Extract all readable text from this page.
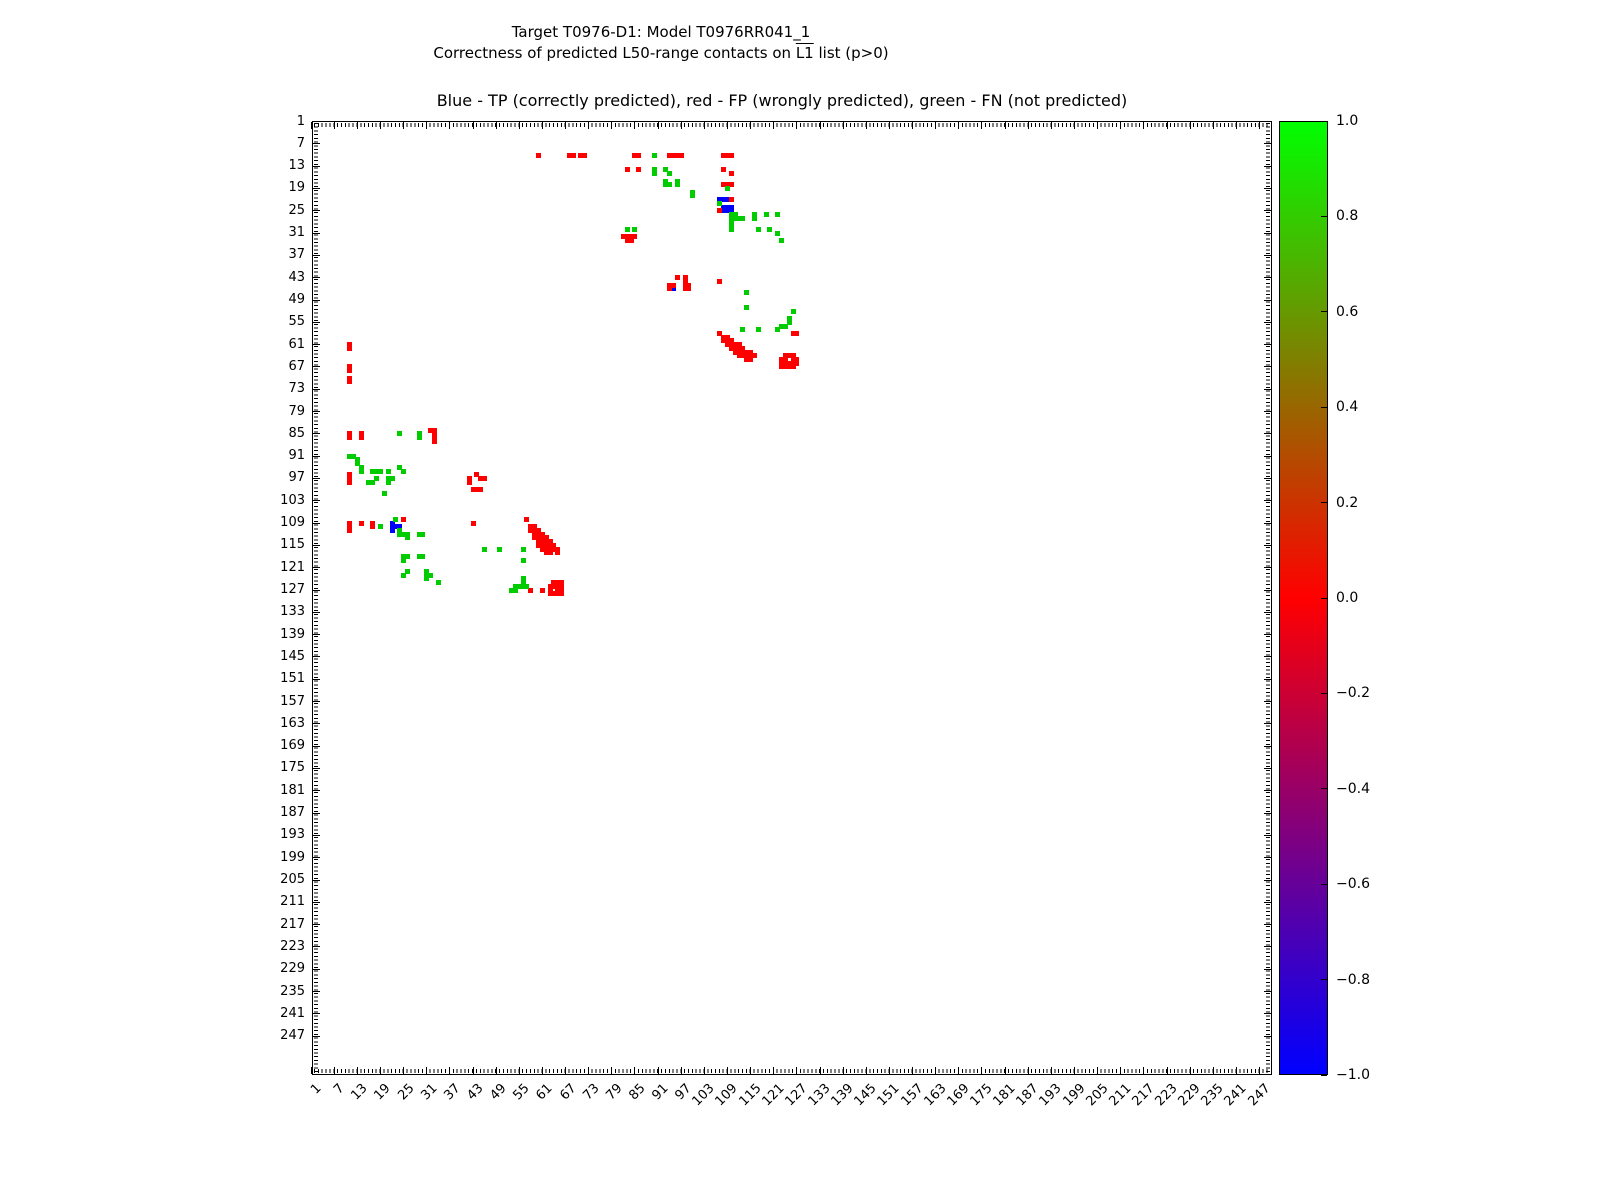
Target T0976-D1: Model T0976RR041_1
Correctness of predicted L50-range contacts on L1 list (p>0)
Blue - TP (correctly predicted), red - FP (wrongly predicted), green - FN (not predicted)
1
1
7
7
13
13
19
19
25
25
31
31
37
37
43
43
49
49
55
55
61
61
67
67
73
73
79
79
85
85
91
91
97
97
103
103
109
109
115
115
121
121
127
127
133
133
139
139
145
145
151
151
157
157
163
163
169
169
175
175
181
181
187
187
193
193
199
199
205
205
211
211
217
217
223
223
229
229
235
235
241
241
247
247
1.0
0.8
0.6
0.4
0.2
0.0
−0.2
−0.4
−0.6
−0.8
−1.0
